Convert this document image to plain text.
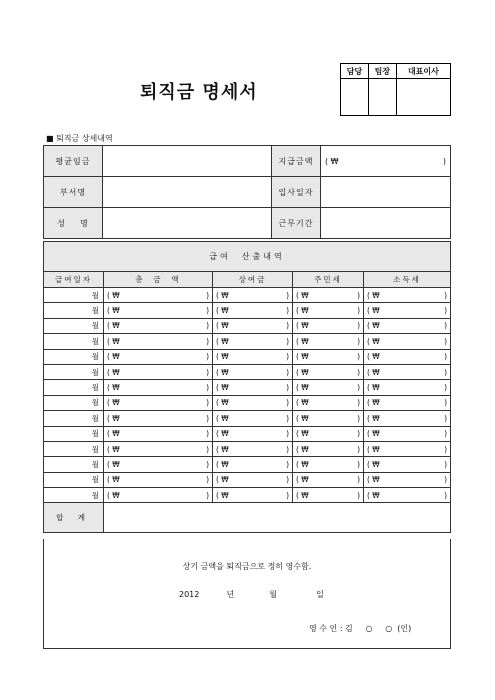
퇴직금 명세서
담당	팀장	대표이사

■ 퇴직금 상세내역
평균임금		지급금액	( ₩ )

부서명		입사일자	
성    명		근무기간	
급여  산출내역				
급여일자	총  금  액	상여금	주민세	소득세
월	( ₩ )	( ₩ )	( ₩ )	( ₩ )

월	( ₩ )	( ₩ )	( ₩ )	( ₩ )

월	( ₩ )	( ₩ )	( ₩ )	( ₩ )

월	( ₩ )	( ₩ )	( ₩ )	( ₩ )

월	( ₩ )	( ₩ )	( ₩ )	( ₩ )

월	( ₩ )	( ₩ )	( ₩ )	( ₩ )

월	( ₩ )	( ₩ )	( ₩ )	( ₩ )

월	( ₩ )	( ₩ )	( ₩ )	( ₩ )

월	( ₩ )	( ₩ )	( ₩ )	( ₩ )

월	( ₩ )	( ₩ )	( ₩ )	( ₩ )

월	( ₩ )	( ₩ )	( ₩ )	( ₩ )

월	( ₩ )	( ₩ )	( ₩ )	( ₩ )

월	( ₩ )	( ₩ )	( ₩ )	( ₩ )

월	( ₩ )	( ₩ )	( ₩ )	( ₩ )

합 계				
상기 금액을 퇴직금으로 정히 영수함.
2012	년	월	일
영 수 인 : 김     ○     ○  (인)
